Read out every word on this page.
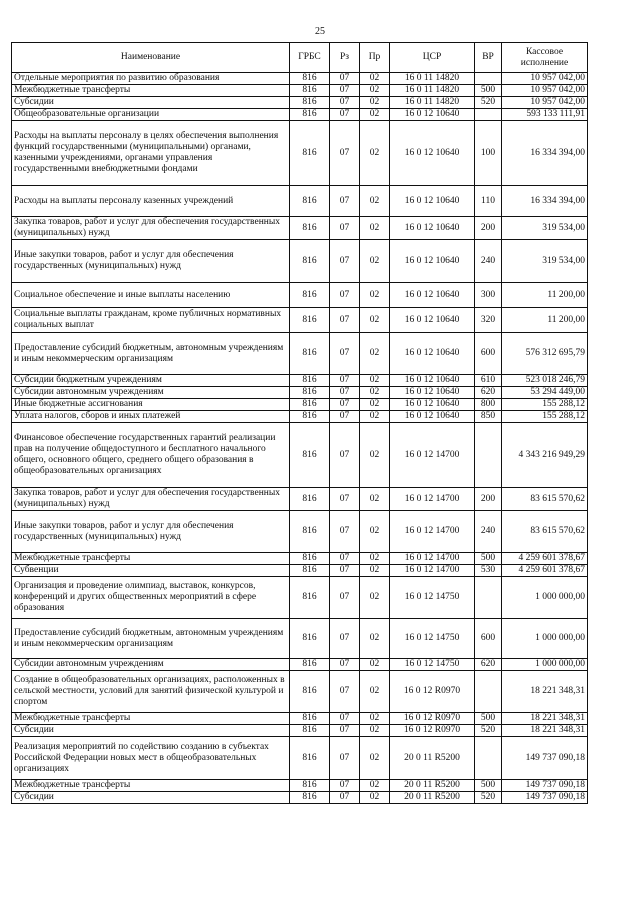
25
Наименование	ГРБС	Рз	Пр	ЦСР	ВР	Кассовое исполнение
Отдельные мероприятия по развитию образования	816	07	02	16 0 11 14820		10 957 042,00
Межбюджетные трансферты	816	07	02	16 0 11 14820	500	10 957 042,00
Субсидии	816	07	02	16 0 11 14820	520	10 957 042,00
Общеобразовательные организации	816	07	02	16 0 12 10640		593 133 111,91
Расходы на выплаты персоналу в целях обеспечения выполнения функций государственными (муниципальными) органами, казенными учреждениями, органами управления государственными внебюджетными фондами	816	07	02	16 0 12 10640	100	16 334 394,00
Расходы на выплаты персоналу казенных учреждений	816	07	02	16 0 12 10640	110	16 334 394,00
Закупка товаров, работ и услуг для обеспечения государственных (муниципальных) нужд	816	07	02	16 0 12 10640	200	319 534,00
Иные закупки товаров, работ и услуг для обеспечения государственных (муниципальных) нужд	816	07	02	16 0 12 10640	240	319 534,00
Социальное обеспечение и иные выплаты населению	816	07	02	16 0 12 10640	300	11 200,00
Социальные выплаты гражданам, кроме публичных нормативных социальных выплат	816	07	02	16 0 12 10640	320	11 200,00
Предоставление субсидий бюджетным, автономным учреждениям и иным некоммерческим организациям	816	07	02	16 0 12 10640	600	576 312 695,79
Субсидии бюджетным учреждениям	816	07	02	16 0 12 10640	610	523 018 246,79
Субсидии автономным учреждениям	816	07	02	16 0 12 10640	620	53 294 449,00
Иные бюджетные ассигнования	816	07	02	16 0 12 10640	800	155 288,12
Уплата налогов, сборов и иных платежей	816	07	02	16 0 12 10640	850	155 288,12
Финансовое обеспечение государственных гарантий реализации прав на получение общедоступного и бесплатного начального общего, основного общего, среднего общего образования в общеобразовательных организациях	816	07	02	16 0 12 14700		4 343 216 949,29
Закупка товаров, работ и услуг для обеспечения государственных (муниципальных) нужд	816	07	02	16 0 12 14700	200	83 615 570,62
Иные закупки товаров, работ и услуг для обеспечения государственных (муниципальных) нужд	816	07	02	16 0 12 14700	240	83 615 570,62
Межбюджетные трансферты	816	07	02	16 0 12 14700	500	4 259 601 378,67
Субвенции	816	07	02	16 0 12 14700	530	4 259 601 378,67
Организация и проведение олимпиад, выставок, конкурсов, конференций и других общественных мероприятий в сфере образования	816	07	02	16 0 12 14750		1 000 000,00
Предоставление субсидий бюджетным, автономным учреждениям и иным некоммерческим организациям	816	07	02	16 0 12 14750	600	1 000 000,00
Субсидии автономным учреждениям	816	07	02	16 0 12 14750	620	1 000 000,00
Создание в общеобразовательных организациях, расположенных в сельской местности, условий для занятий физической культурой и спортом	816	07	02	16 0 12 R0970		18 221 348,31
Межбюджетные трансферты	816	07	02	16 0 12 R0970	500	18 221 348,31
Субсидии	816	07	02	16 0 12 R0970	520	18 221 348,31
Реализация мероприятий по содействию созданию в субъектах Российской Федерации новых мест в общеобразовательных организациях	816	07	02	20 0 11 R5200		149 737 090,18
Межбюджетные трансферты	816	07	02	20 0 11 R5200	500	149 737 090,18
Субсидии	816	07	02	20 0 11 R5200	520	149 737 090,18
